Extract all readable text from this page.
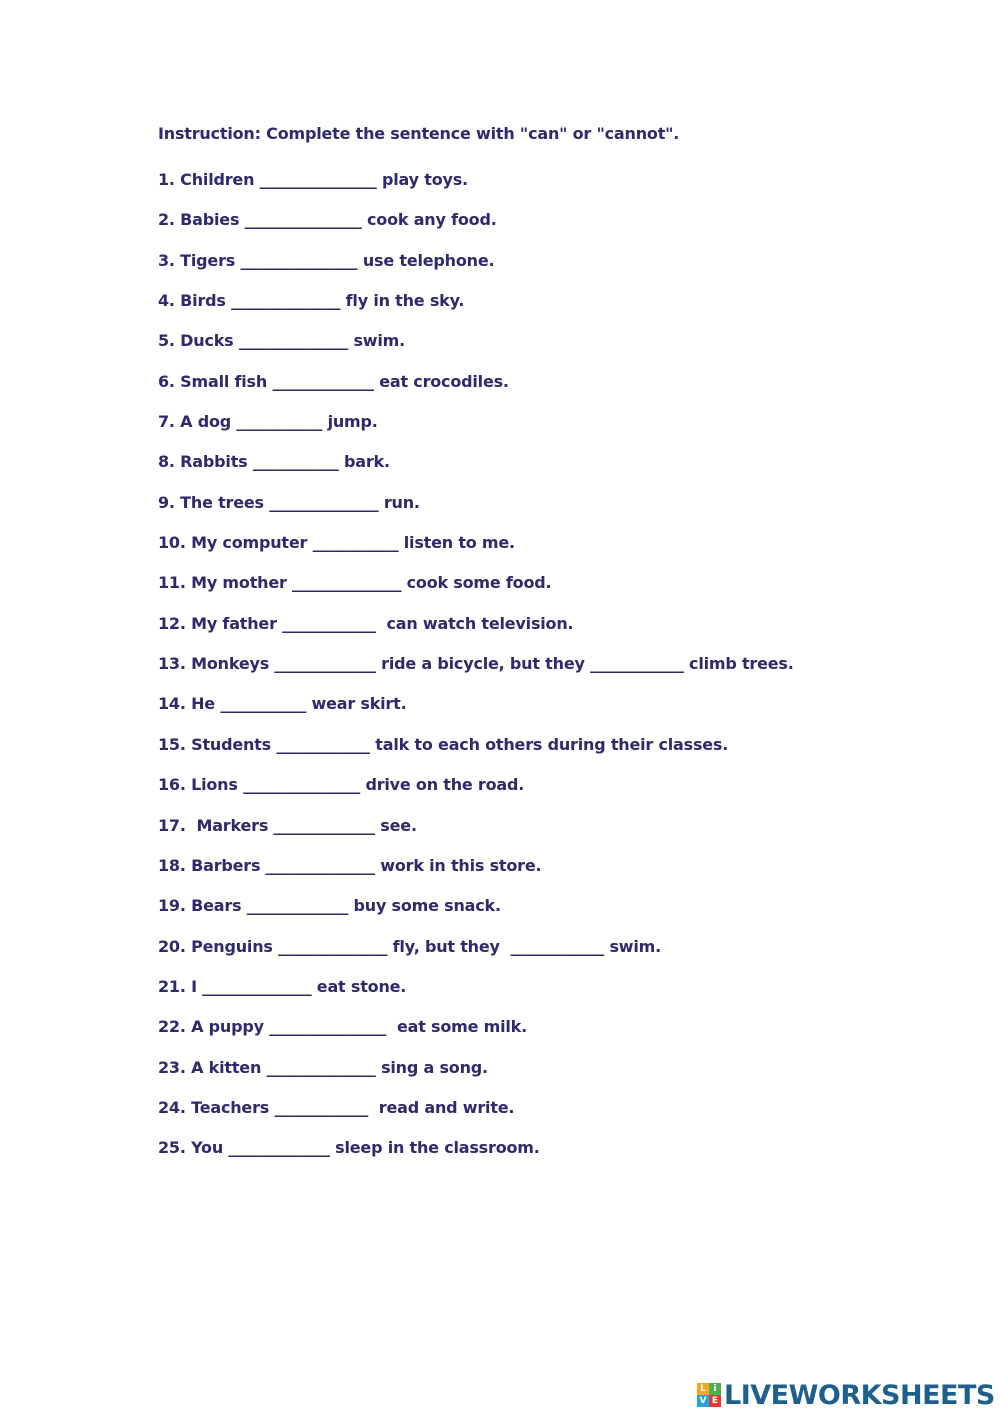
Instruction: Complete the sentence with "can" or "cannot".
1. Children _______________ play toys.
2. Babies _______________ cook any food.
3. Tigers _______________ use telephone.
4. Birds ______________ fly in the sky.
5. Ducks ______________ swim.
6. Small fish _____________ eat crocodiles.
7. A dog ___________ jump.
8. Rabbits ___________ bark.
9. The trees ______________ run.
10. My computer ___________ listen to me.
11. My mother ______________ cook some food.
12. My father ____________  can watch television.
13. Monkeys _____________ ride a bicycle, but they ____________ climb trees.
14. He ___________ wear skirt.
15. Students ____________ talk to each others during their classes.
16. Lions _______________ drive on the road.
17.  Markers _____________ see.
18. Barbers ______________ work in this store.
19. Bears _____________ buy some snack.
20. Penguins ______________ fly, but they  ____________ swim.
21. I ______________ eat stone.
22. A puppy _______________  eat some milk.
23. A kitten ______________ sing a song.
24. Teachers ____________  read and write.
25. You _____________ sleep in the classroom.
L i
V E LIVEWORKSHEETS
